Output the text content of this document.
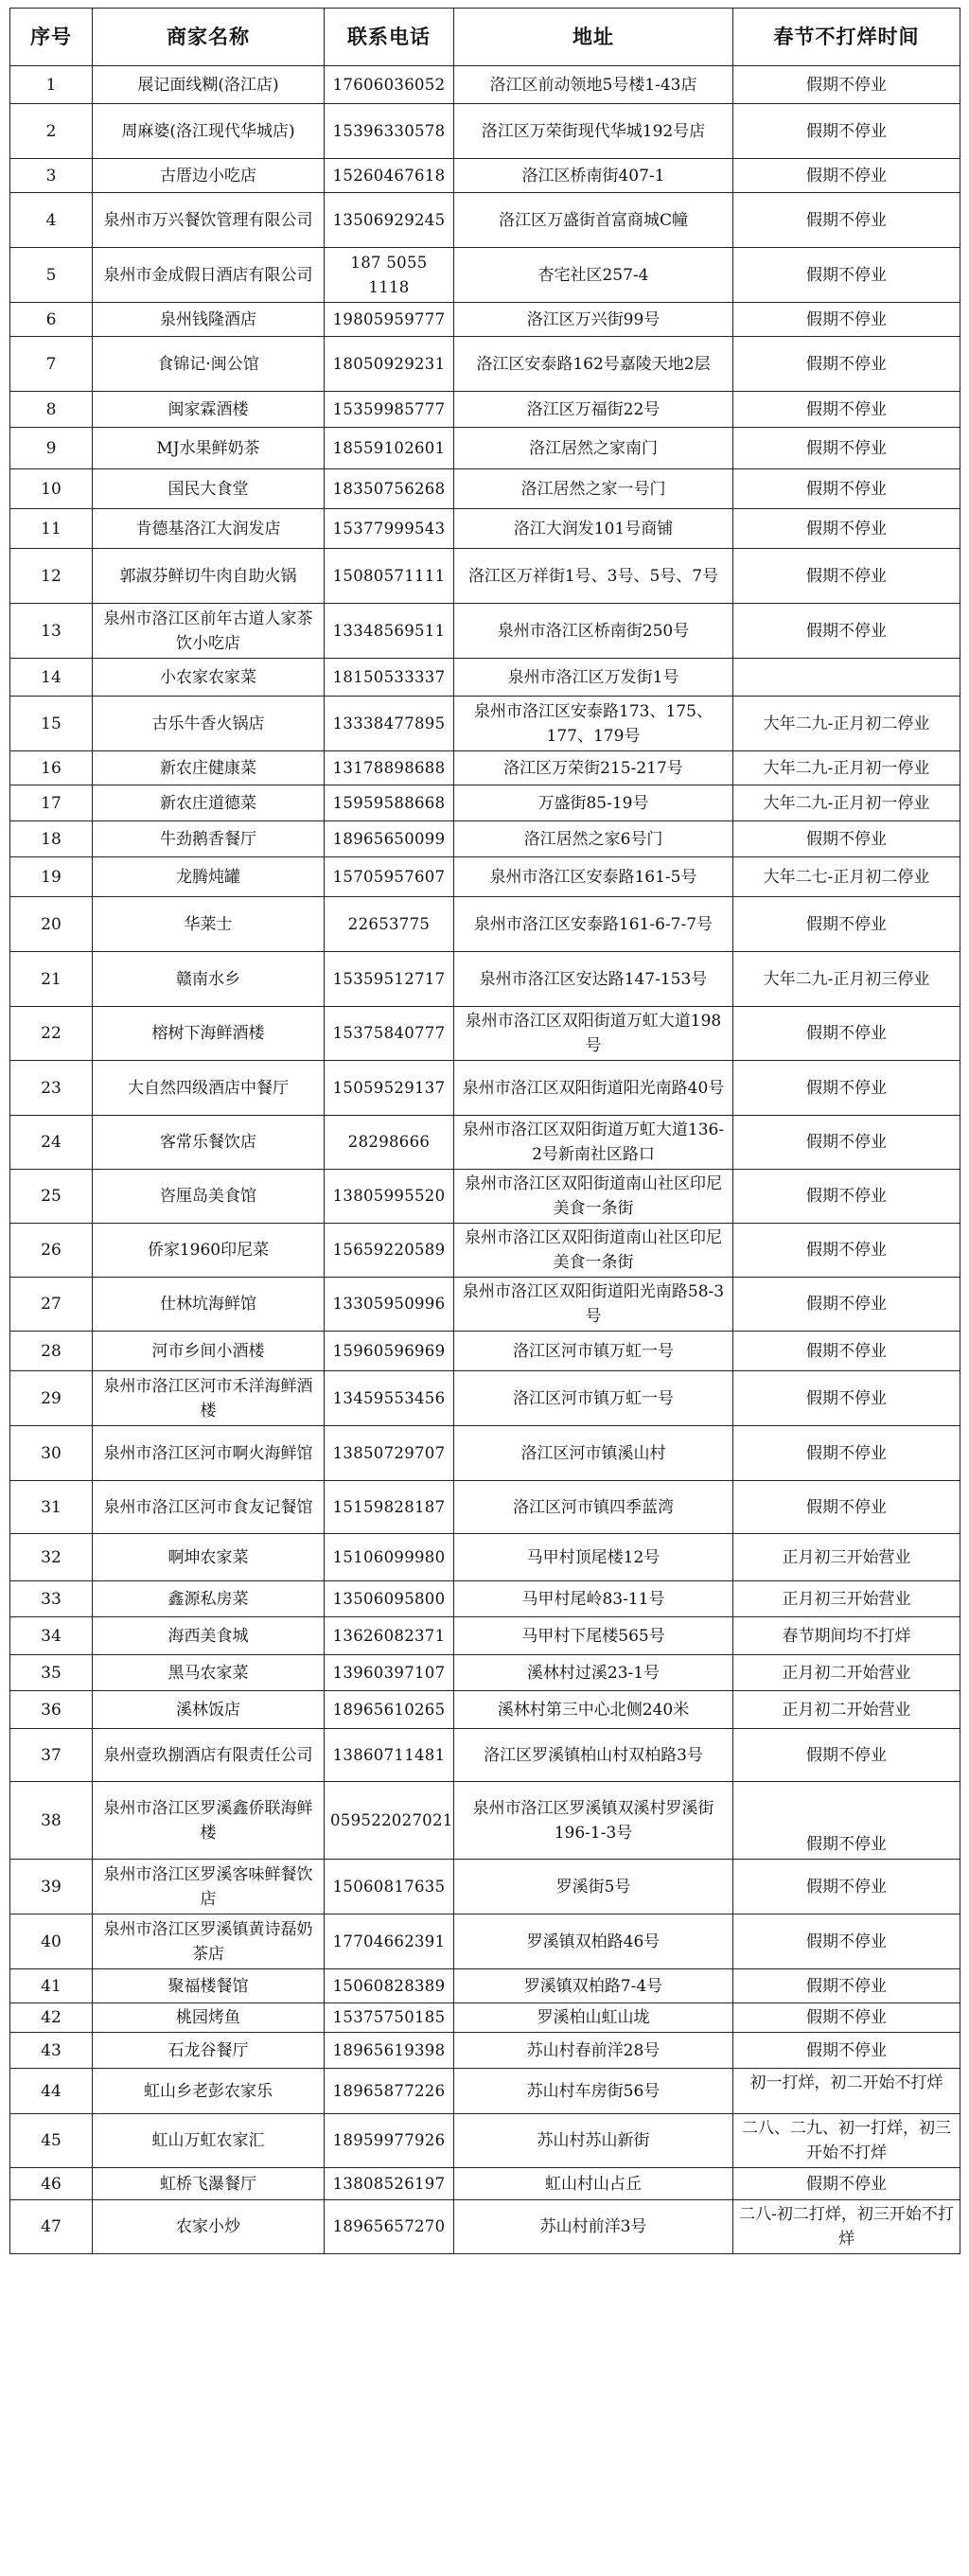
序号	商家名称	联系电话	地址	春节不打烊时间
1	展记面线糊(洛江店)	17606036052	洛江区前动领地5号楼1-43店	假期不停业
2	周麻婆(洛江现代华城店)	15396330578	洛江区万荣街现代华城192号店	假期不停业
3	古厝边小吃店	15260467618	洛江区桥南街407-1	假期不停业
4	泉州市万兴餐饮管理有限公司	13506929245	洛江区万盛街首富商城C幢	假期不停业
5	泉州市金成假日酒店有限公司	187 5055 1118	杏宅社区257-4	假期不停业
6	泉州钱隆酒店	19805959777	洛江区万兴街99号	假期不停业
7	食锦记·闽公馆	18050929231	洛江区安泰路162号嘉陵天地2层	假期不停业
8	闽家霖酒楼	15359985777	洛江区万福街22号	假期不停业
9	MJ水果鲜奶茶	18559102601	洛江居然之家南门	假期不停业
10	国民大食堂	18350756268	洛江居然之家一号门	假期不停业
11	肯德基洛江大润发店	15377999543	洛江大润发101号商铺	假期不停业
12	郭淑芬鲜切牛肉自助火锅	15080571111	洛江区万祥街1号、3号、5号、7号	假期不停业
13	泉州市洛江区前年古道人家茶饮小吃店	13348569511	泉州市洛江区桥南街250号	假期不停业
14	小农家农家菜	18150533337	泉州市洛江区万发街1号	
15	古乐牛香火锅店	13338477895	泉州市洛江区安泰路173、175、177、179号	大年二九-正月初二停业
16	新农庄健康菜	13178898688	洛江区万荣街215-217号	大年二九-正月初一停业
17	新农庄道德菜	15959588668	万盛街85-19号	大年二九-正月初一停业
18	牛劲鹅香餐厅	18965650099	洛江居然之家6号门	假期不停业
19	龙腾炖罐	15705957607	泉州市洛江区安泰路161-5号	大年二七-正月初二停业
20	华莱士	22653775	泉州市洛江区安泰路161-6-7-7号	假期不停业
21	赣南水乡	15359512717	泉州市洛江区安达路147-153号	大年二九-正月初三停业
22	榕树下海鲜酒楼	15375840777	泉州市洛江区双阳街道万虹大道198号	假期不停业
23	大自然四级酒店中餐厅	15059529137	泉州市洛江区双阳街道阳光南路40号	假期不停业
24	客常乐餐饮店	28298666	泉州市洛江区双阳街道万虹大道136-2号新南社区路口	假期不停业
25	咨厘岛美食馆	13805995520	泉州市洛江区双阳街道南山社区印尼美食一条街	假期不停业
26	侨家1960印尼菜	15659220589	泉州市洛江区双阳街道南山社区印尼美食一条街	假期不停业
27	仕林坑海鲜馆	13305950996	泉州市洛江区双阳街道阳光南路58-3号	假期不停业
28	河市乡间小酒楼	15960596969	洛江区河市镇万虹一号	假期不停业
29	泉州市洛江区河市禾洋海鲜酒楼	13459553456	洛江区河市镇万虹一号	假期不停业
30	泉州市洛江区河市啊火海鲜馆	13850729707	洛江区河市镇溪山村	假期不停业
31	泉州市洛江区河市食友记餐馆	15159828187	洛江区河市镇四季蓝湾	假期不停业
32	啊坤农家菜	15106099980	马甲村顶尾楼12号	正月初三开始营业
33	鑫源私房菜	13506095800	马甲村尾岭83-11号	正月初三开始营业
34	海西美食城	13626082371	马甲村下尾楼565号	春节期间均不打烊
35	黑马农家菜	13960397107	溪林村过溪23-1号	正月初二开始营业
36	溪林饭店	18965610265	溪林村第三中心北侧240米	正月初二开始营业
37	泉州壹玖捌酒店有限责任公司	13860711481	洛江区罗溪镇柏山村双柏路3号	假期不停业
38	泉州市洛江区罗溪鑫侨联海鲜楼	059522027021	泉州市洛江区罗溪镇双溪村罗溪街196-1-3号	假期不停业
39	泉州市洛江区罗溪客味鲜餐饮店	15060817635	罗溪街5号	假期不停业
40	泉州市洛江区罗溪镇黄诗磊奶茶店	17704662391	罗溪镇双柏路46号	假期不停业
41	聚福楼餐馆	15060828389	罗溪镇双柏路7-4号	假期不停业
42	桃园烤鱼	15375750185	罗溪柏山虹山垅	假期不停业
43	石龙谷餐厅	18965619398	苏山村春前洋28号	假期不停业
44	虹山乡老彭农家乐	18965877226	苏山村车房街56号	初一打烊，初二开始不打烊
45	虹山万虹农家汇	18959977926	苏山村苏山新街	二八、二九、初一打烊，初三开始不打烊
46	虹桥飞瀑餐厅	13808526197	虹山村山占丘	假期不停业
47	农家小炒	18965657270	苏山村前洋3号	二八-初二打烊，初三开始不打烊
